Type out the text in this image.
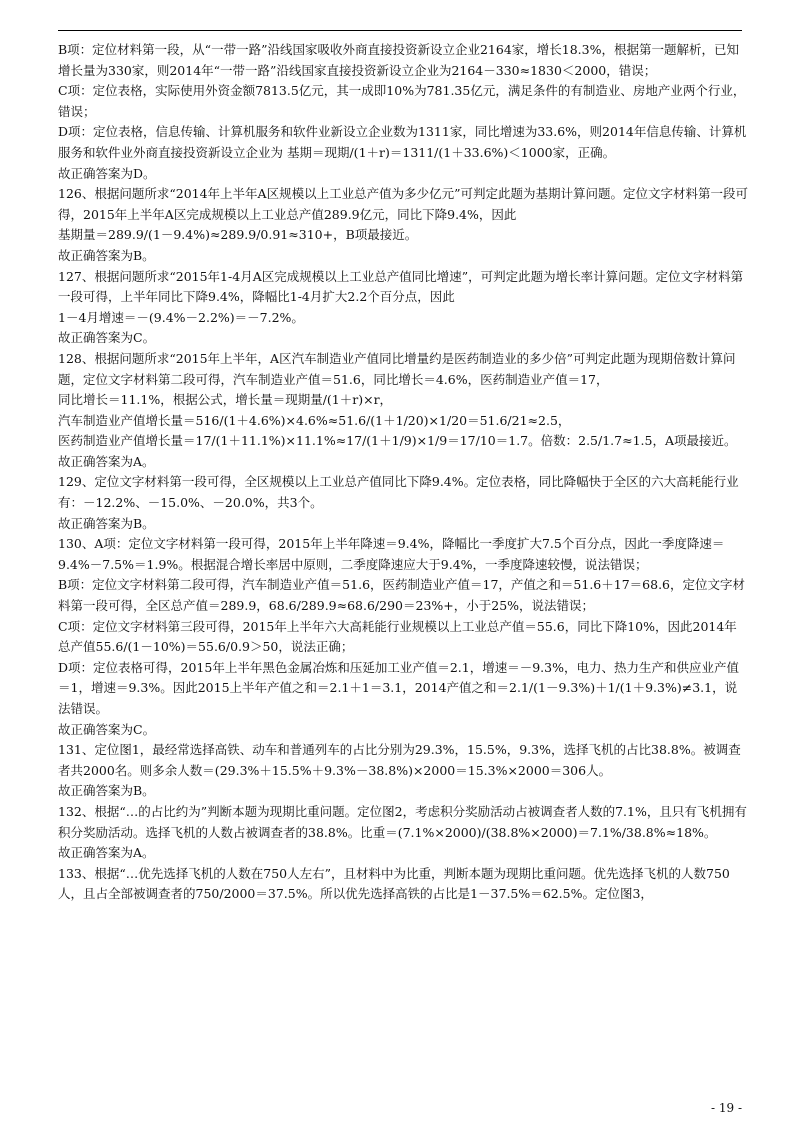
B项：定位材料第一段，从“一带一路”沿线国家吸收外商直接投资新设立企业2164家，增长18.3%，根据第一题解析，已知增长量为330家，则2014年“一带一路”沿线国家直接投资新设立企业为2164－330≈1830＜2000，错误；

C项：定位表格，实际使用外资金额7813.5亿元，其一成即10%为781.35亿元，满足条件的有制造业、房地产业两个行业，错误；

D项：定位表格，信息传输、计算机服务和软件业新设立企业数为1311家，同比增速为33.6%，则2014年信息传输、计算机服务和软件业外商直接投资新设立企业为 基期＝现期/(1＋r)＝1311/(1＋33.6%)＜1000家，正确。

故正确答案为D。

126、根据问题所求“2014年上半年A区规模以上工业总产值为多少亿元”可判定此题为基期计算问题。定位文字材料第一段可得，2015年上半年A区完成规模以上工业总产值289.9亿元，同比下降9.4%，因此

基期量＝289.9/(1－9.4%)≈289.9/0.91≈310+，B项最接近。

故正确答案为B。

127、根据问题所求“2015年1-4月A区完成规模以上工业总产值同比增速”，可判定此题为增长率计算问题。定位文字材料第一段可得，上半年同比下降9.4%，降幅比1-4月扩大2.2个百分点，因此

1－4月增速＝－(9.4%－2.2%)＝－7.2%。

故正确答案为C。

128、根据问题所求“2015年上半年，A区汽车制造业产值同比增量约是医药制造业的多少倍”可判定此题为现期倍数计算问题，定位文字材料第二段可得，汽车制造业产值＝51.6，同比增长＝4.6%，医药制造业产值＝17，

同比增长＝11.1%，根据公式，增长量＝现期量/(1＋r)×r，

汽车制造业产值增长量＝516/(1＋4.6%)×4.6%≈51.6/(1＋1/20)×1/20＝51.6/21≈2.5，

医药制造业产值增长量＝17/(1＋11.1%)×11.1%≈17/(1＋1/9)×1/9＝17/10＝1.7。倍数：2.5/1.7≈1.5，A项最接近。

故正确答案为A。

129、定位文字材料第一段可得，全区规模以上工业总产值同比下降9.4%。定位表格，同比降幅快于全区的六大高耗能行业有：－12.2%、－15.0%、－20.0%，共3个。

故正确答案为B。

130、A项：定位文字材料第一段可得，2015年上半年降速＝9.4%，降幅比一季度扩大7.5个百分点，因此一季度降速＝9.4%－7.5%＝1.9%。根据混合增长率居中原则，二季度降速应大于9.4%，一季度降速较慢，说法错误；

B项：定位文字材料第二段可得，汽车制造业产值＝51.6，医药制造业产值＝17，产值之和＝51.6＋17＝68.6，定位文字材料第一段可得，全区总产值＝289.9，68.6/289.9≈68.6/290＝23%+，小于25%，说法错误；

C项：定位文字材料第三段可得，2015年上半年六大高耗能行业规模以上工业总产值＝55.6，同比下降10%，因此2014年总产值55.6/(1－10%)＝55.6/0.9＞50，说法正确；

D项：定位表格可得，2015年上半年黑色金属冶炼和压延加工业产值＝2.1，增速＝－9.3%，电力、热力生产和供应业产值＝1，增速＝9.3%。因此2015上半年产值之和＝2.1＋1＝3.1，2014产值之和＝2.1/(1－9.3%)＋1/(1＋9.3%)≠3.1，说法错误。

故正确答案为C。

131、定位图1，最经常选择高铁、动车和普通列车的占比分别为29.3%，15.5%，9.3%，选择飞机的占比38.8%。被调查者共2000名。则多余人数＝(29.3%＋15.5%＋9.3%－38.8%)×2000＝15.3%×2000＝306人。

故正确答案为B。

132、根据“…的占比约为”判断本题为现期比重问题。定位图2，考虑积分奖励活动占被调查者人数的7.1%，且只有飞机拥有积分奖励活动。选择飞机的人数占被调查者的38.8%。比重＝(7.1%×2000)/(38.8%×2000)＝7.1%/38.8%≈18%。

故正确答案为A。

133、根据“…优先选择飞机的人数在750人左右”，且材料中为比重，判断本题为现期比重问题。优先选择飞机的人数750人，且占全部被调查者的750/2000＝37.5%。所以优先选择高铁的占比是1－37.5%＝62.5%。定位图3，

- 19 -
